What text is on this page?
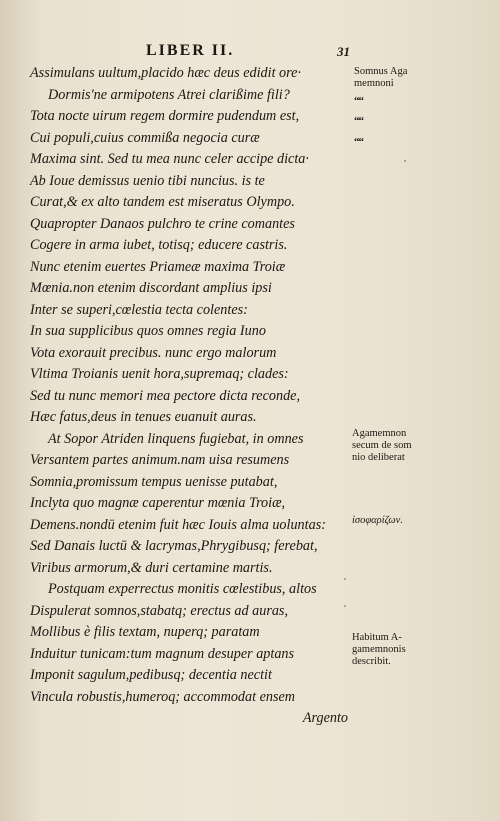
LIBER II.	31
Assimulans uultum,placido hæc deus edidit ore·
Dormis'ne armipotens Atrei clarißime fili?
Tota nocte uirum regem dormire pudendum est,
Cui populi,cuius commißa negocia curæ
Maxima sint. Sed tu mea nunc celer accipe dicta·
Ab Ioue demissus uenio tibi nuncius. is te
Curat,& ex alto tandem est miseratus Olympo.
Quapropter Danaos pulchro te crine comantes
Cogere in arma iubet, totisq; educere castris.
Nunc etenim euertes Priameæ maxima Troiæ
Mœnia.non etenim discordant amplius ipsi
Inter se superi,cœlestia tecta colentes:
In sua supplicibus quos omnes regia Iuno
Vota exorauit precibus. nunc ergo malorum
Vltima Troianis uenit hora,supremaq; clades:
Sed tu nunc memori mea pectore dicta reconde,
Hæc fatus,deus in tenues euanuit auras.
At Sopor Atriden linquens fugiebat, in omnes
Versantem partes animum.nam uisa resumens
Somnia,promissum tempus uenisse putabat,
Inclyta quo magnæ caperentur mœnia Troiæ,
Demens.nondū etenim fuit hæc Iouis alma uoluntas:
Sed Danais luctū & lacrymas,Phrygibusq; ferebat,
Viribus armorum,& duri certamine martis.
Postquam experrectus monitis cœlestibus, altos
Dispulerat somnos,stabatq; erectus ad auras,
Mollibus è filis textam, nuperq; paratam
Induitur tunicam:tum magnum desuper aptans
Imponit sagulum,pedibusq; decentia nectit
Vincula robustis,humeroq; accommodat ensem
Argento
Somnus Aga
memnoni
““
““
““
Agamemnon
secum de som
nio deliberat
ἰσοφαρίζων.
Habitum A-
gamemnonis
describit.
